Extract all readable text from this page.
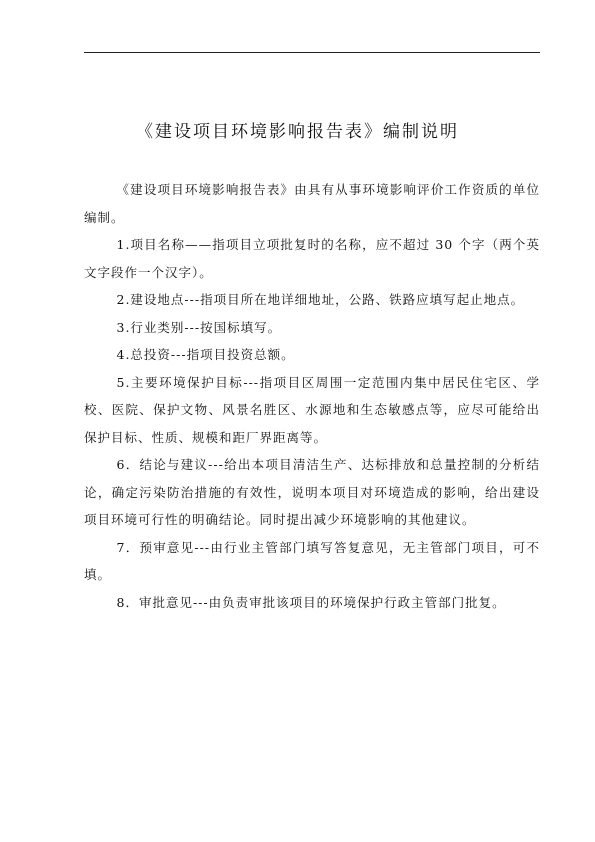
《建设项目环境影响报告表》编制说明

《建设项目环境影响报告表》由具有从事环境影响评价工作资质的单位编制。

1.项目名称——指项目立项批复时的名称，应不超过 30 个字（两个英文字段作一个汉字）。

2.建设地点---指项目所在地详细地址，公路、铁路应填写起止地点。

3.行业类别---按国标填写。

4.总投资---指项目投资总额。

5.主要环境保护目标---指项目区周围一定范围内集中居民住宅区、学校、医院、保护文物、风景名胜区、水源地和生态敏感点等，应尽可能给出保护目标、性质、规模和距厂界距离等。

6．结论与建议---给出本项目清洁生产、达标排放和总量控制的分析结论，确定污染防治措施的有效性，说明本项目对环境造成的影响，给出建设项目环境可行性的明确结论。同时提出减少环境影响的其他建议。

7．预审意见---由行业主管部门填写答复意见，无主管部门项目，可不填。

8．审批意见---由负责审批该项目的环境保护行政主管部门批复。
